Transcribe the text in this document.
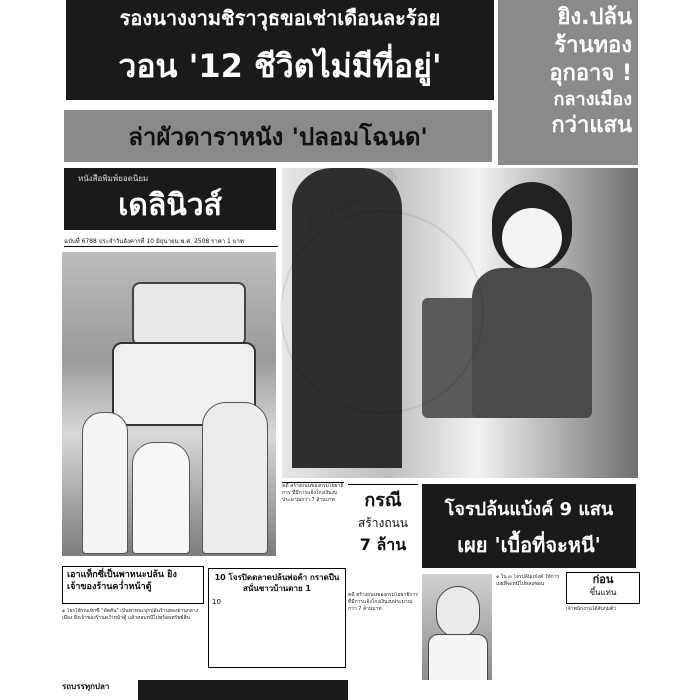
รองนางงามชิราวุธขอเช่าเดือนละร้อย
วอน '12 ชีวิตไม่มีที่อยู่'
ยิง.ปล้น
ร้านทอง
อุกอาจ !
กลางเมือง
กว่าแสน
ล่าผัวดาราหนัง 'ปลอมโฉนด'
หนังสือพิมพ์ยอดนิยม
เดลินิวส์
ฉบับที่ 6788 ประจำวันอังคารที่ 10 มิถุนายน พ.ศ. 2508 ราคา 1 บาท
ห้องสมุดแห่งชาติ

คดี สร้างถนนของกรมโยธาธิการ ที่มีการแจ้งโกงเงินงบประมาณกว่า 7 ล้านบาท	กรณี
สร้างถนน
7 ล้าน

คดี สร้างถนนของกรมโยธาธิการ ที่มีการแจ้งโกงเงินงบประมาณกว่า 7 ล้านบาท

โจรปล้นแบ้งค์ 9 แสน
เผย 'เบื้อที่จะหนี'

๑ ใน ๓ โจรปล้นแบ้งค์ ให้การเผยที่จะหนีไปหลบซ่อน	ก่อน
ขึ้นแท่น

เจ้าพนักงานได้จับกุมตัว

เอาแท็กซี่เป็นพาหนะปล้น ยิงเจ้าของร้านคว่ำหน้าตู้

๑ โจรใช้รถแท็กซี่ "ดัตสัน" เป็นพาหนะบุกปล้นร้านทองย่านกลางเมือง ยิงเจ้าของร้านคว่ำหน้าตู้ แล้วหลบหนีไปพร้อมทรัพย์สิน

10 โจรปิดตลาดปล้นพ่อค้า กราดปืนสนั่นชาวบ้านตาย 1
10
รถบรรทุกปลา
